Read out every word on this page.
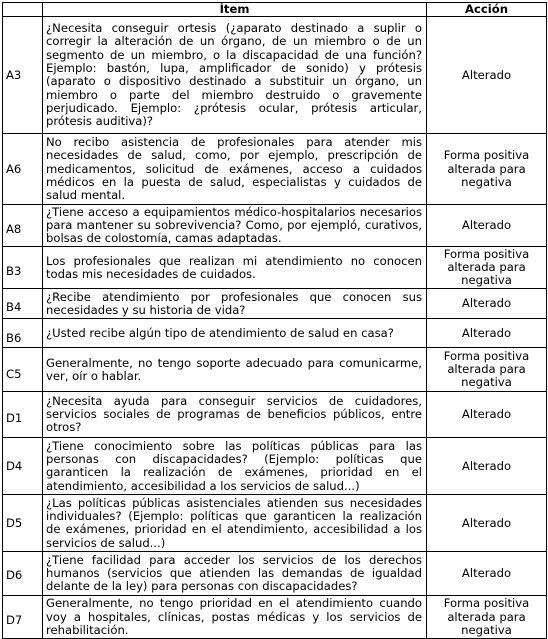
	Ítem	Acción
A3	¿Necesita conseguir ortesis (¿aparato destinado a suplir o corregir la alteración de un órgano, de un miembro o de un segmento de un miembro, o la discapacidad de una función? Ejemplo: bastón, lupa, amplificador de sonido) y prótesis (aparato o dispositivo destinado a substituir un órgano, un miembro o parte del miembro destruido o gravemente perjudicado. Ejemplo: ¿prótesis ocular, prótesis articular, prótesis auditiva)?	Alterado
A6	No recibo asistencia de profesionales para atender mis necesidades de salud, como, por ejemplo, prescripción de medicamentos, solicitud de exámenes, acceso a cuidados médicos en la puesta de salud, especialistas y cuidados de salud mental.	Forma positiva alterada para negativa
A8	¿Tiene acceso a equipamientos médico-hospitalarios necesarios para mantener su sobrevivencia? Como, por ejempló, curativos, bolsas de colostomía, camas adaptadas.	Alterado
B3	Los profesionales que realizan mi atendimiento no conocen todas mis necesidades de cuidados.	Forma positiva alterada para negativa
B4	¿Recibe atendimiento por profesionales que conocen sus necesidades y su historia de vida?	Alterado
B6	¿Usted recibe algún tipo de atendimiento de salud en casa?	Alterado
C5	Generalmente, no tengo soporte adecuado para comunicarme, ver, oír o hablar.	Forma positiva alterada para negativa
D1	¿Necesita ayuda para conseguir servicios de cuidadores, servicios sociales de programas de beneficios públicos, entre otros?	Alterado
D4	¿Tiene conocimiento sobre las políticas públicas para las personas con discapacidades? (Ejemplo: políticas que garanticen la realización de exámenes, prioridad en el atendimiento, accesibilidad a los servicios de salud...)	Alterado
D5	¿Las políticas públicas asistenciales atienden sus necesidades individuales? (Ejemplo: políticas que garanticen la realización de exámenes, prioridad en el atendimiento, accesibilidad a los servicios de salud...)	Alterado
D6	¿Tiene facilidad para acceder los servicios de los derechos humanos (servicios que atienden las demandas de igualdad delante de la ley) para personas con discapacidades?	Alterado
D7	Generalmente, no tengo prioridad en el atendimiento cuando voy a hospitales, clínicas, postas médicas y los servicios de rehabilitación.	Forma positiva alterada para negativa
